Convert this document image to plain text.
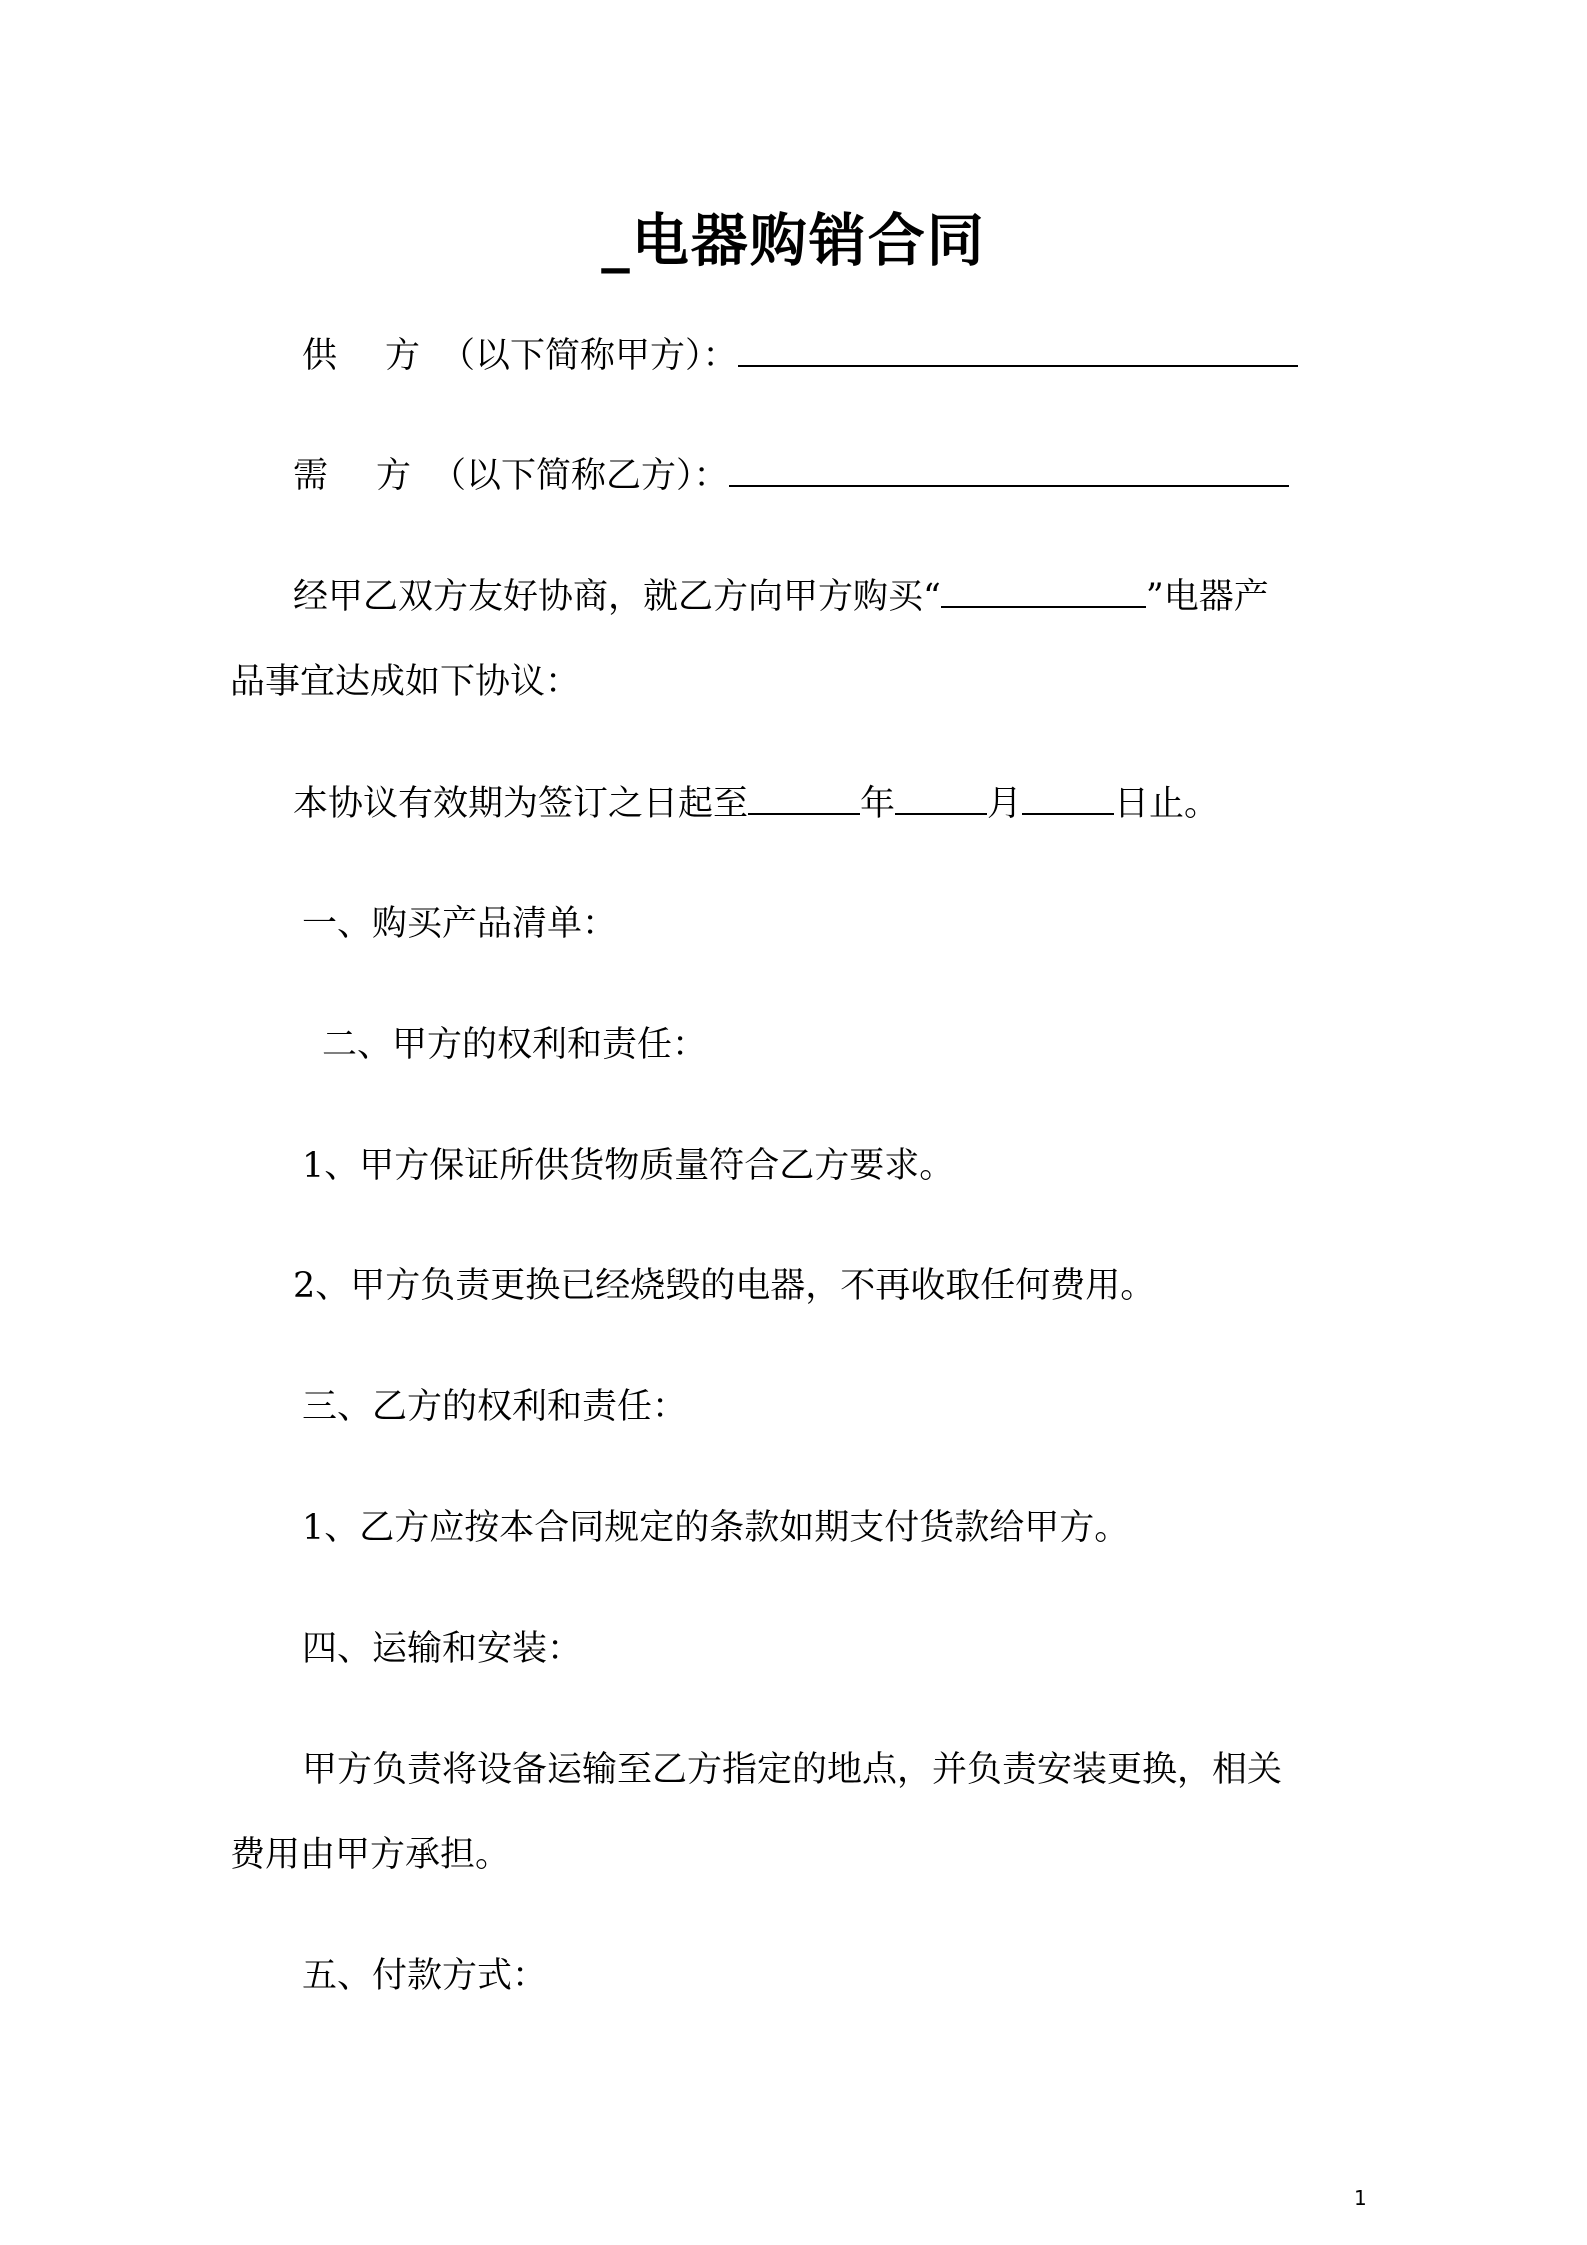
_电器购销合同
供 方 （以下简称甲方）：
需 方 （以下简称乙方）：
经甲乙双方友好协商，就乙方向甲方购买“	”电器产
品事宜达成如下协议：
本协议有效期为签订之日起至	年	月	日止。
一、购买产品清单：
二、甲方的权利和责任：
1、甲方保证所供货物质量符合乙方要求。
2、甲方负责更换已经烧毁的电器，不再收取任何费用。
三、乙方的权利和责任：
1、乙方应按本合同规定的条款如期支付货款给甲方。
四、运输和安装：
甲方负责将设备运输至乙方指定的地点，并负责安装更换，相关
费用由甲方承担。
五、付款方式：
1
